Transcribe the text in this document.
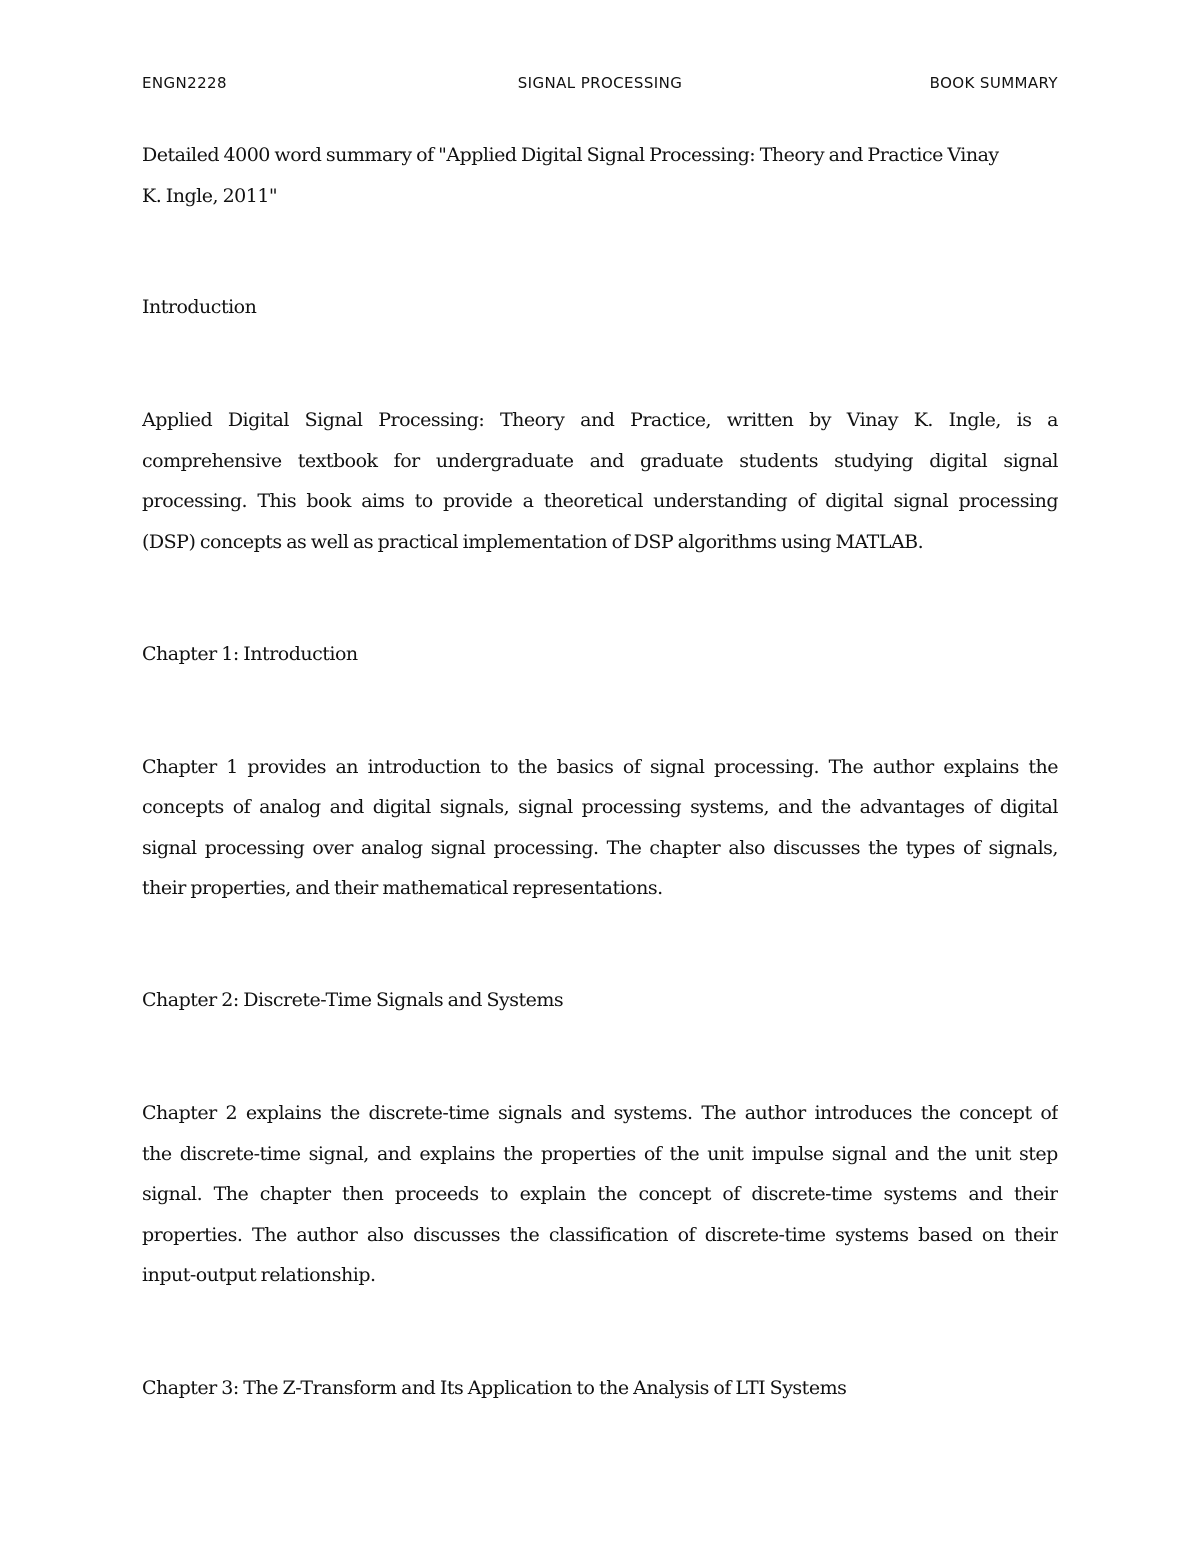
ENGN2228	SIGNAL PROCESSING	BOOK SUMMARY
Detailed 4000 word summary of "Applied Digital Signal Processing: Theory and Practice Vinay
K. Ingle, 2011"
Introduction
Applied Digital Signal Processing: Theory and Practice, written by Vinay K. Ingle, is a
comprehensive textbook for undergraduate and graduate students studying digital signal
processing. This book aims to provide a theoretical understanding of digital signal processing
(DSP) concepts as well as practical implementation of DSP algorithms using MATLAB.
Chapter 1: Introduction
Chapter 1 provides an introduction to the basics of signal processing. The author explains the
concepts of analog and digital signals, signal processing systems, and the advantages of digital
signal processing over analog signal processing. The chapter also discusses the types of signals,
their properties, and their mathematical representations.
Chapter 2: Discrete-Time Signals and Systems
Chapter 2 explains the discrete-time signals and systems. The author introduces the concept of
the discrete-time signal, and explains the properties of the unit impulse signal and the unit step
signal. The chapter then proceeds to explain the concept of discrete-time systems and their
properties. The author also discusses the classification of discrete-time systems based on their
input-output relationship.
Chapter 3: The Z-Transform and Its Application to the Analysis of LTI Systems
